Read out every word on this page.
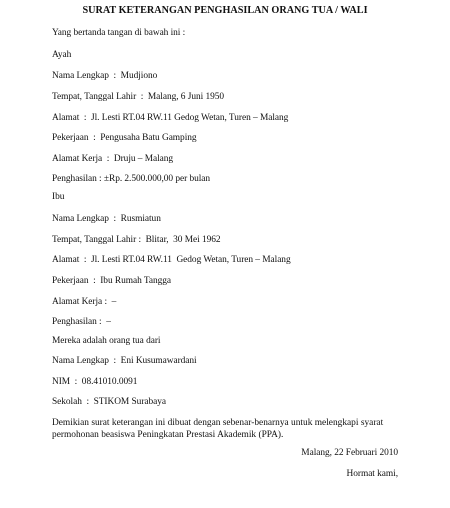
SURAT KETERANGAN PENGHASILAN ORANG TUA / WALI
Yang bertanda tangan di bawah ini :
Ayah
Nama Lengkap  :  Mudjiono
Tempat, Tanggal Lahir  :  Malang, 6 Juni 1950
Alamat  :  Jl. Lesti RT.04 RW.11 Gedog Wetan, Turen – Malang
Pekerjaan  :  Pengusaha Batu Gamping
Alamat Kerja  :  Druju – Malang
Penghasilan : ±Rp. 2.500.000,00 per bulan
Ibu
Nama Lengkap  :  Rusmiatun
Tempat, Tanggal Lahir :  Blitar,  30 Mei 1962
Alamat  :  Jl. Lesti RT.04 RW.11  Gedog Wetan, Turen – Malang
Pekerjaan  :  Ibu Rumah Tangga
Alamat Kerja :  –
Penghasilan :  –
Mereka adalah orang tua dari
Nama Lengkap  :  Eni Kusumawardani
NIM  :  08.41010.0091
Sekolah  :  STIKOM Surabaya
Demikian surat keterangan ini dibuat dengan sebenar-benarnya untuk melengkapi syarat permohonan beasiswa Peningkatan Prestasi Akademik (PPA).
Malang, 22 Februari 2010
Hormat kami,
